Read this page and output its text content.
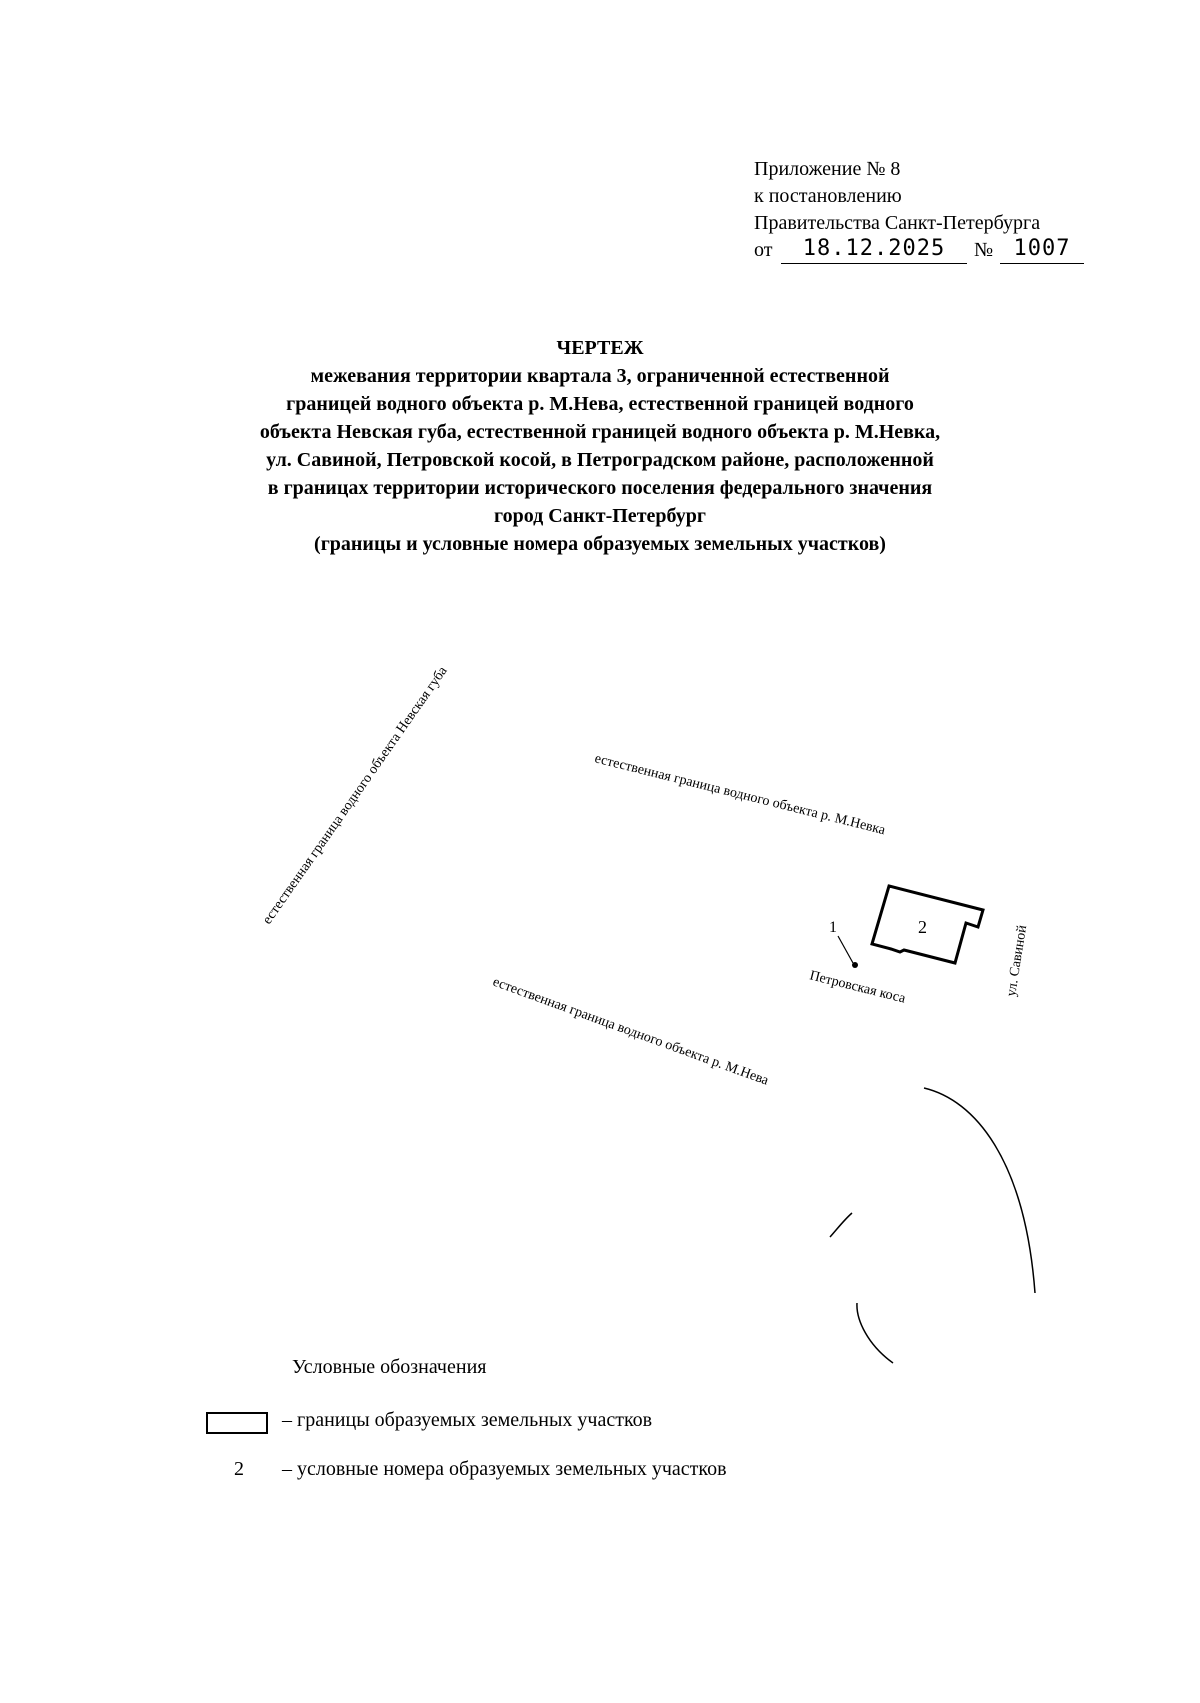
Приложение № 8
к постановлению
Правительства Санкт-Петербурга
от	18.12.2025	№ 1007
ЧЕРТЕЖ
межевания территории квартала 3, ограниченной естественной
границей водного объекта р. М.Нева, естественной границей водного
объекта Невская губа, естественной границей водного объекта р. М.Невка,
ул. Савиной, Петровской косой, в Петроградском районе, расположенной
в границах территории исторического поселения федерального значения
город Санкт-Петербург
(границы и условные номера образуемых земельных участков)
естественная граница водного объекта Невская губа	естественная граница водного объекта р. М.Невка
естественная граница водного объекта р. М.Нева	Петровская коса	ул. Савиной
2
1
Условные обозначения
– границы образуемых земельных участков
2 – условные номера образуемых земельных участков
